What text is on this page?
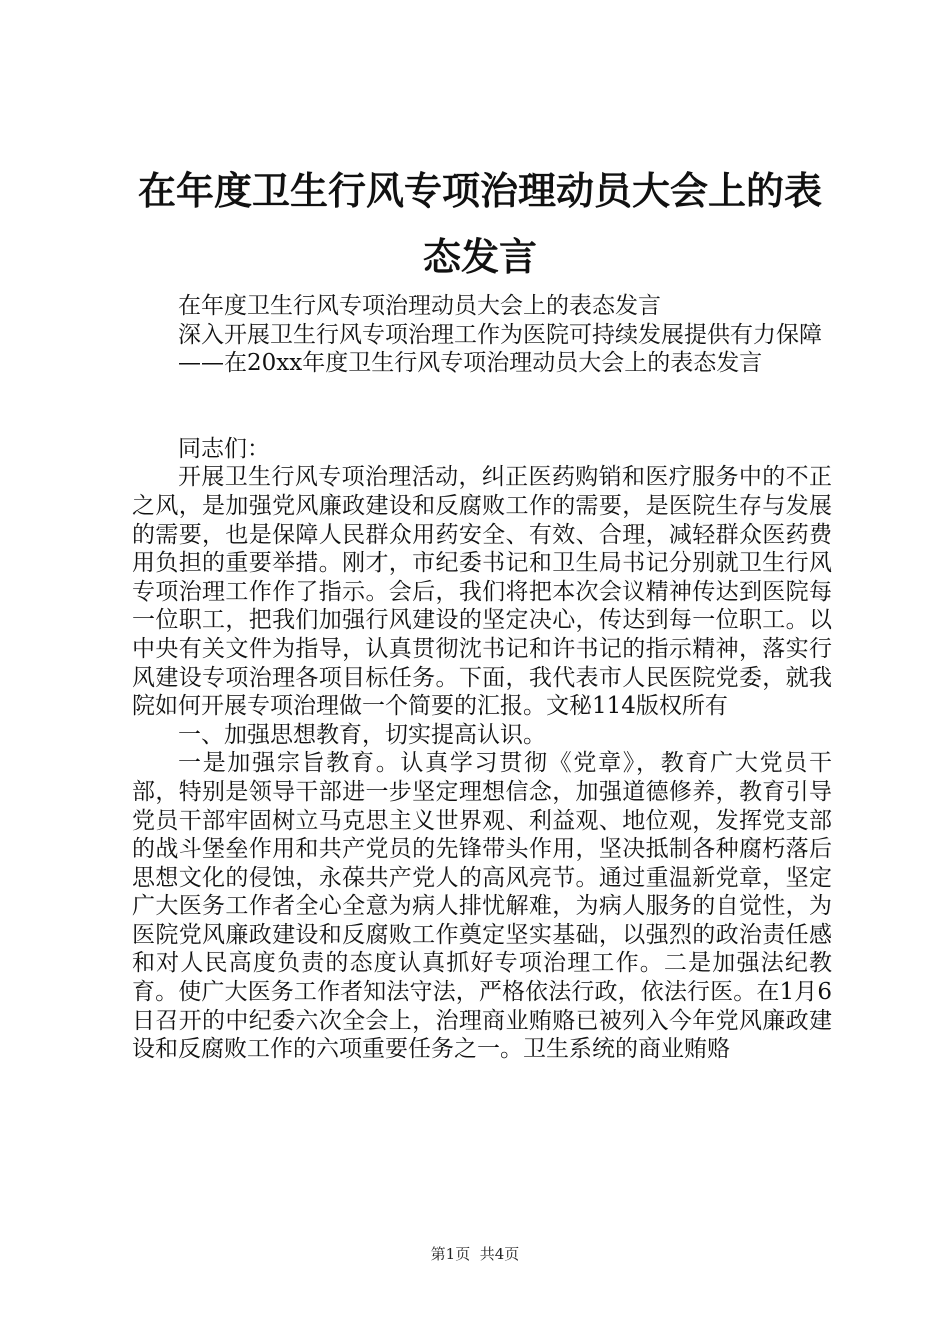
在年度卫生行风专项治理动员大会上的表态发言

在年度卫生行风专项治理动员大会上的表态发言

深入开展卫生行风专项治理工作为医院可持续发展提供有力保障

——在20xx年度卫生行风专项治理动员大会上的表态发言

同志们：

开展卫生行风专项治理活动，纠正医药购销和医疗服务中的不正之风，是加强党风廉政建设和反腐败工作的需要，是医院生存与发展的需要，也是保障人民群众用药安全、有效、合理，减轻群众医药费用负担的重要举措。刚才，市纪委书记和卫生局书记分别就卫生行风专项治理工作作了指示。会后，我们将把本次会议精神传达到医院每一位职工，把我们加强行风建设的坚定决心，传达到每一位职工。以中央有关文件为指导，认真贯彻沈书记和许书记的指示精神，落实行风建设专项治理各项目标任务。下面，我代表市人民医院党委，就我院如何开展专项治理做一个简要的汇报。文秘114版权所有

一、加强思想教育，切实提高认识。

一是加强宗旨教育。认真学习贯彻《党章》，教育广大党员干部，特别是领导干部进一步坚定理想信念，加强道德修养，教育引导党员干部牢固树立马克思主义世界观、利益观、地位观，发挥党支部的战斗堡垒作用和共产党员的先锋带头作用，坚决抵制各种腐朽落后思想文化的侵蚀，永葆共产党人的高风亮节。通过重温新党章，坚定广大医务工作者全心全意为病人排忧解难，为病人服务的自觉性，为医院党风廉政建设和反腐败工作奠定坚实基础，以强烈的政治责任感和对人民高度负责的态度认真抓好专项治理工作。二是加强法纪教育。使广大医务工作者知法守法，严格依法行政，依法行医。在1月6日召开的中纪委六次全会上，治理商业贿赂已被列入今年党风廉政建设和反腐败工作的六项重要任务之一。卫生系统的商业贿赂

第1页 共4页
